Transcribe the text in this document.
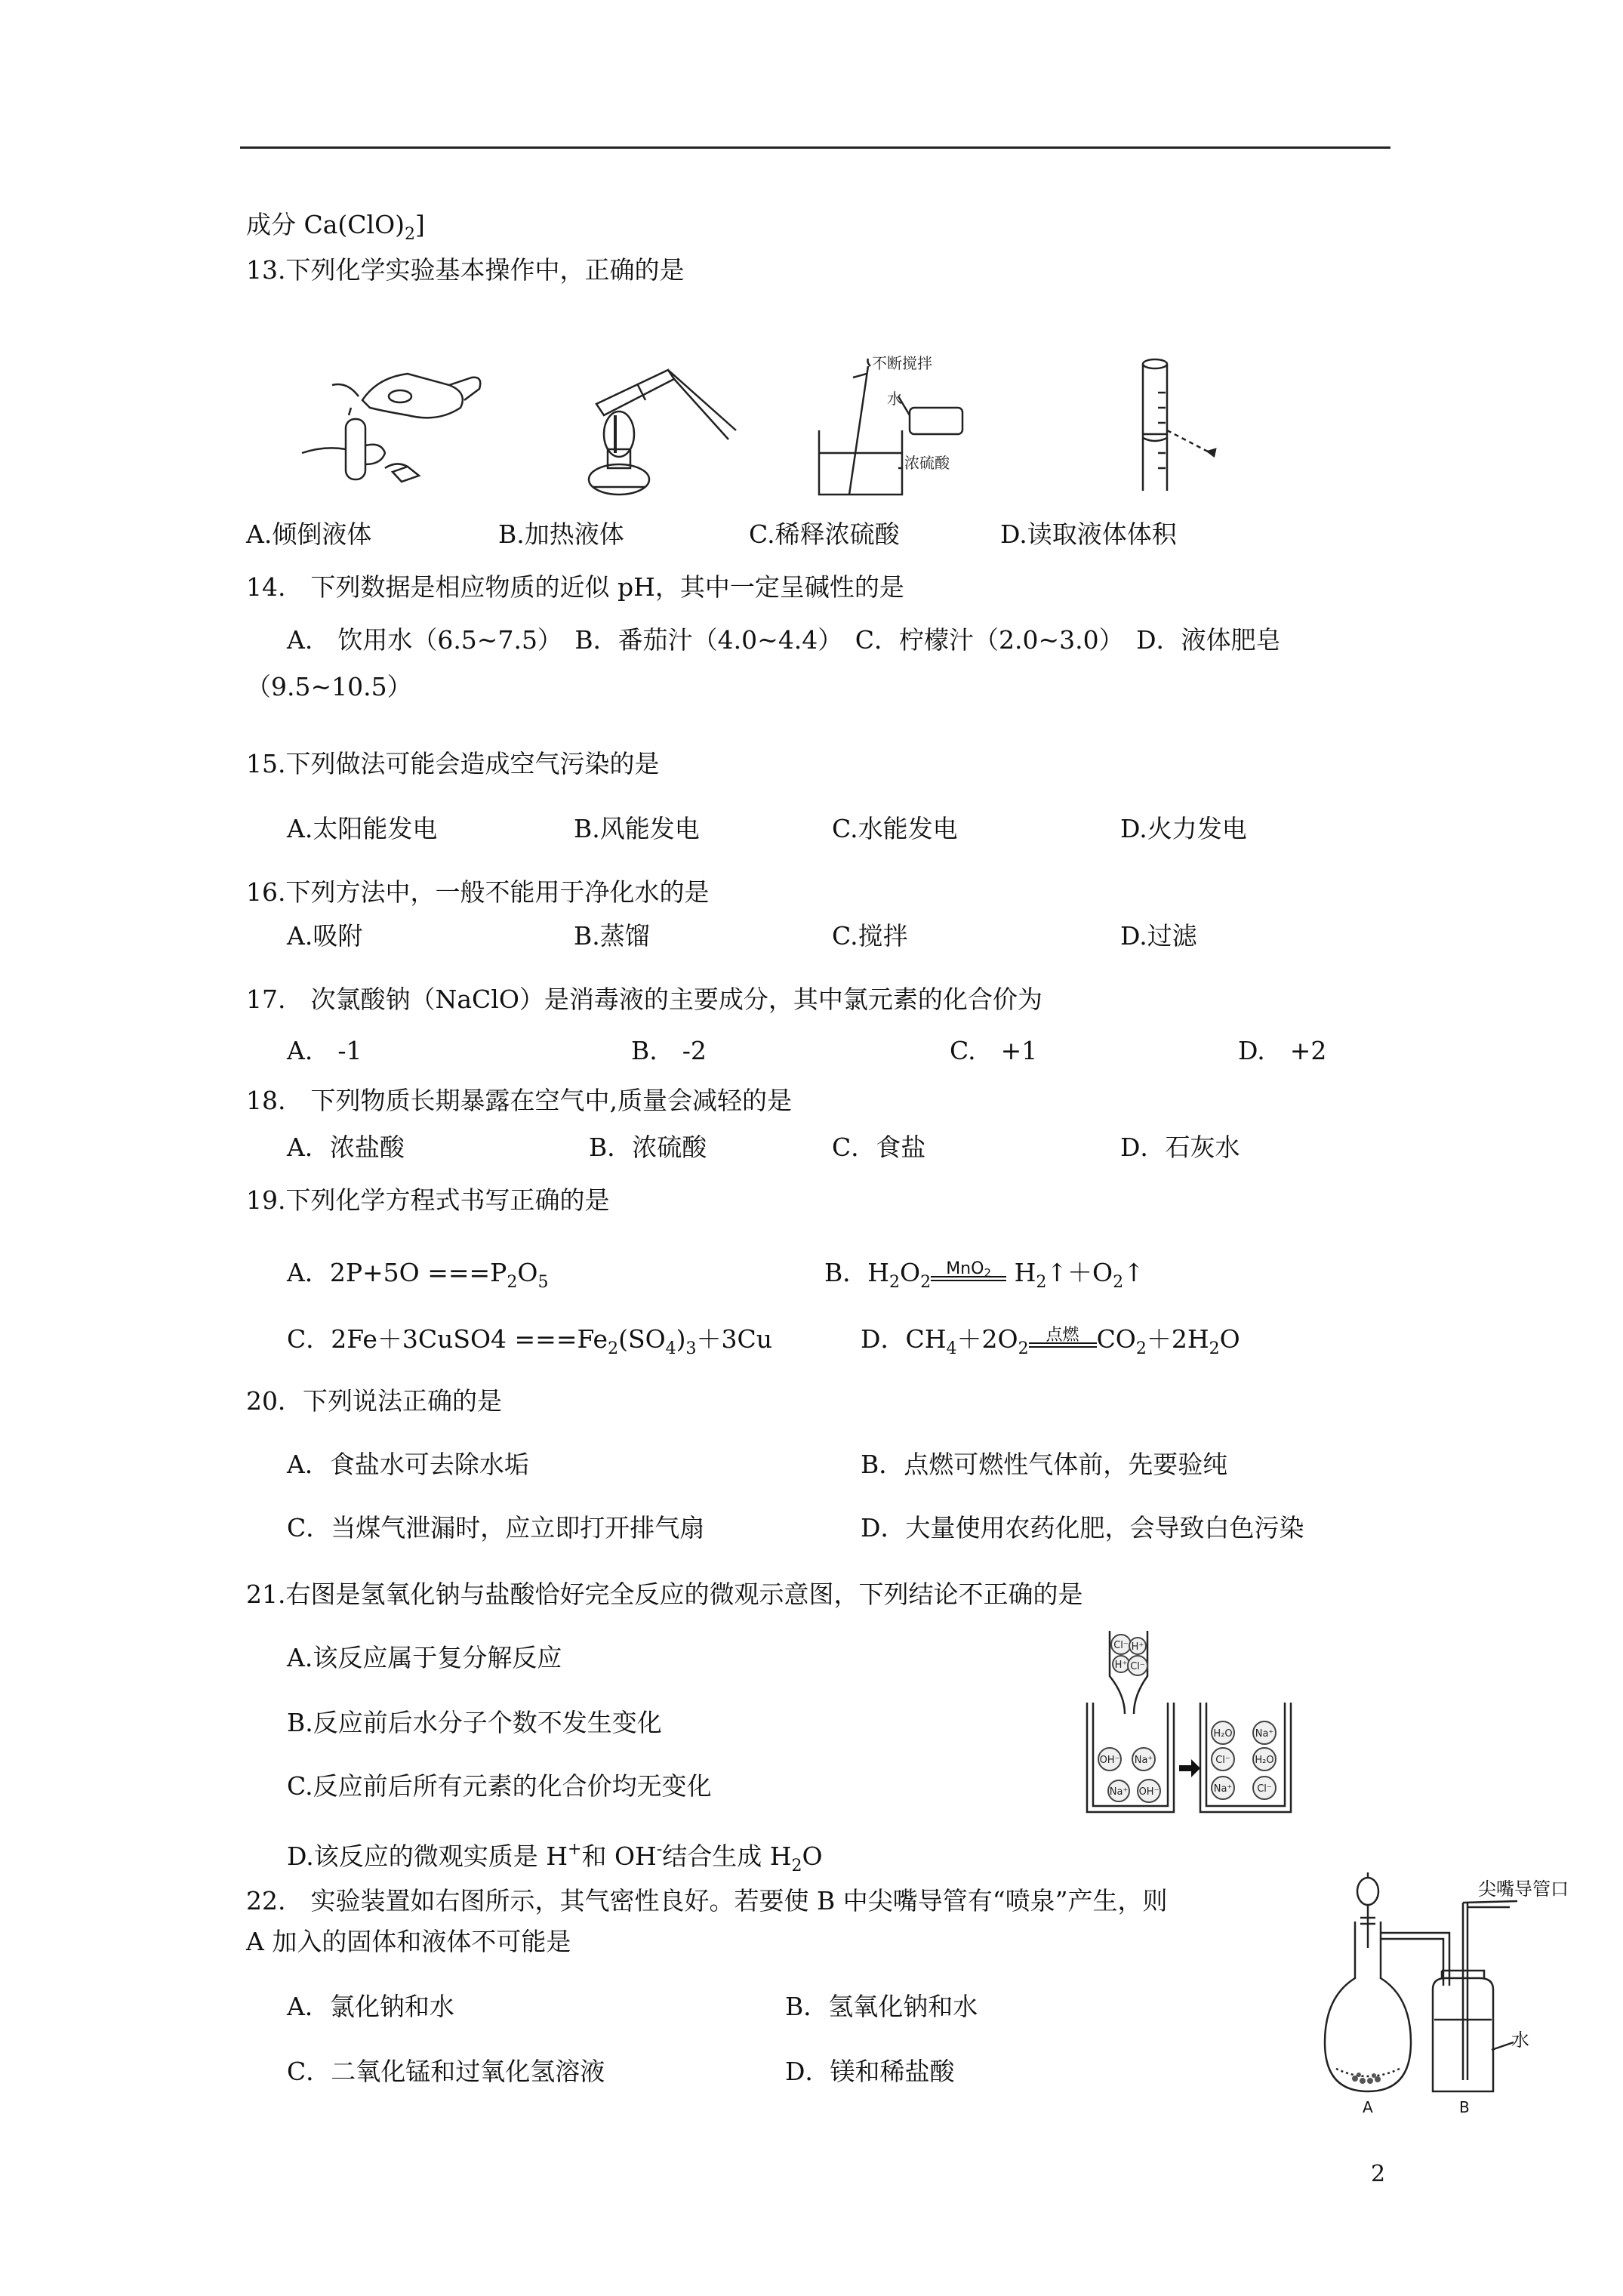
成分 $Ca(ClO)_2$]
13.下列化学实验基本操作中，正确的是
不断搅拌
水
浓硫酸
A.倾倒液体	B.加热液体	C.稀释浓硫酸	D.读取液体体积
14.　下列数据是相应物质的近似 pH，其中一定呈碱性的是
A.　饮用水（6.5~7.5）　B．番茄汁（4.0~4.4）　C．柠檬汁（2.0~3.0）　D．液体肥皂
（9.5~10.5）
15.下列做法可能会造成空气污染的是
A.太阳能发电	B.风能发电	C.水能发电	D.火力发电
16.下列方法中，一般不能用于净化水的是
A.吸附	B.蒸馏	C.搅拌	D.过滤
17.　次氯酸钠（NaClO）是消毒液的主要成分，其中氯元素的化合价为
A.　-1	B.　-2	C.　+1	D.　+2
18.　下列物质长期暴露在空气中,质量会减轻的是
A．浓盐酸	B．浓硫酸	C．食盐	D．石灰水
19.下列化学方程式书写正确的是
A．$2P+5O ===P_2O_5$	B．$H_2O_2$
MnO2 $H_2↑+O_2↑$
C．2Fe＋3CuSO4 $===Fe_2(SO_4)_3+3Cu$	D．$CH_4+2O_2$
点燃 $CO_2+2H_2O$
20．下列说法正确的是
A．食盐水可去除水垢	B．点燃可燃性气体前，先要验纯
C．当煤气泄漏时，应立即打开排气扇	D．大量使用农药化肥，会导致白色污染
21.右图是氢氧化钠与盐酸恰好完全反应的微观示意图，下列结论不正确的是
A.该反应属于复分解反应
B.反应前后水分子个数不发生变化
C.反应前后所有元素的化合价均无变化
D.该反应的微观实质是 H+和 OH-结合生成 $H_2O$
Cl⁻ H⁺
H⁺ Cl⁻
OH⁻ Na⁺
Na⁺ OH⁻
H₂O Na⁺
Cl⁻	H₂O
Na⁺	Cl⁻
22.　实验装置如右图所示，其气密性良好。若要使 B 中尖嘴导管有“喷泉”产生，则
A 加入的固体和液体不可能是
A．氯化钠和水	B．氢氧化钠和水
C．二氧化锰和过氧化氢溶液	D．镁和稀盐酸
尖嘴导管口
水
A	B
2
